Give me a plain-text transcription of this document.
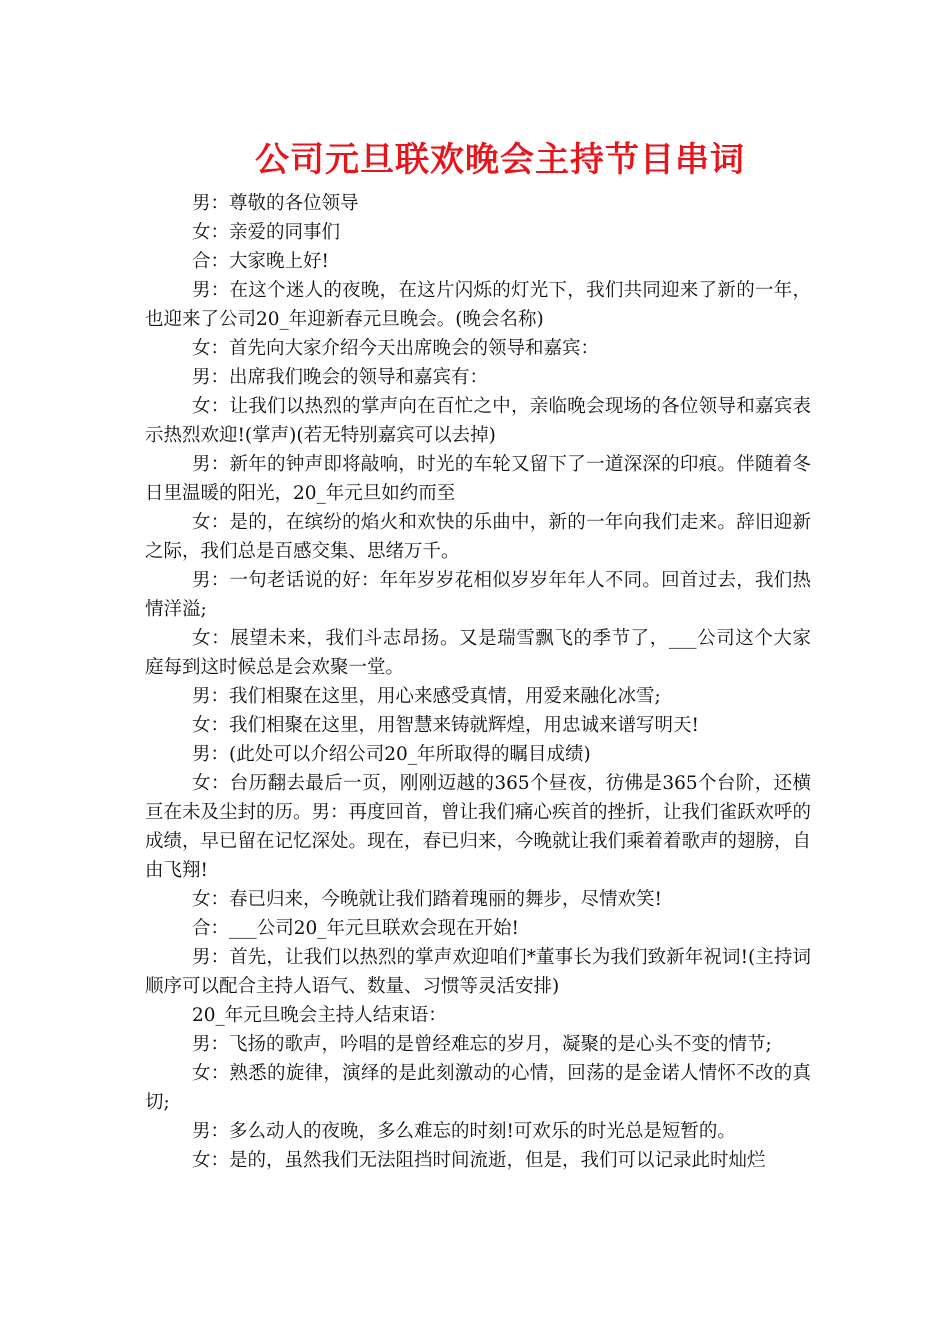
公司元旦联欢晚会主持节目串词

男：尊敬的各位领导

女：亲爱的同事们

合：大家晚上好!

男：在这个迷人的夜晚，在这片闪烁的灯光下，我们共同迎来了新的一年，也迎来了公司20_年迎新春元旦晚会。(晚会名称)

女：首先向大家介绍今天出席晚会的领导和嘉宾：

男：出席我们晚会的领导和嘉宾有：

女：让我们以热烈的掌声向在百忙之中，亲临晚会现场的各位领导和嘉宾表示热烈欢迎!(掌声)(若无特别嘉宾可以去掉)

男：新年的钟声即将敲响，时光的车轮又留下了一道深深的印痕。伴随着冬日里温暖的阳光，20_年元旦如约而至

女：是的，在缤纷的焰火和欢快的乐曲中，新的一年向我们走来。辞旧迎新之际，我们总是百感交集、思绪万千。

男：一句老话说的好：年年岁岁花相似岁岁年年人不同。回首过去，我们热情洋溢;

女：展望未来，我们斗志昂扬。又是瑞雪飘飞的季节了，___公司这个大家庭每到这时候总是会欢聚一堂。

男：我们相聚在这里，用心来感受真情，用爱来融化冰雪;

女：我们相聚在这里，用智慧来铸就辉煌，用忠诚来谱写明天!

男：(此处可以介绍公司20_年所取得的瞩目成绩)

女：台历翻去最后一页，刚刚迈越的365个昼夜，彷佛是365个台阶，还横亘在未及尘封的历。男：再度回首，曾让我们痛心疾首的挫折，让我们雀跃欢呼的成绩，早已留在记忆深处。现在，春已归来，今晚就让我们乘着着歌声的翅膀，自由飞翔!

女：春已归来，今晚就让我们踏着瑰丽的舞步，尽情欢笑!

合：___公司20_年元旦联欢会现在开始!

男：首先，让我们以热烈的掌声欢迎咱们*董事长为我们致新年祝词!(主持词顺序可以配合主持人语气、数量、习惯等灵活安排)

20_年元旦晚会主持人结束语：

男：飞扬的歌声，吟唱的是曾经难忘的岁月，凝聚的是心头不变的情节;

女：熟悉的旋律，演绎的是此刻激动的心情，回荡的是金诺人情怀不改的真切;

男：多么动人的夜晚，多么难忘的时刻!可欢乐的时光总是短暂的。

女：是的，虽然我们无法阻挡时间流逝，但是，我们可以记录此时灿烂
